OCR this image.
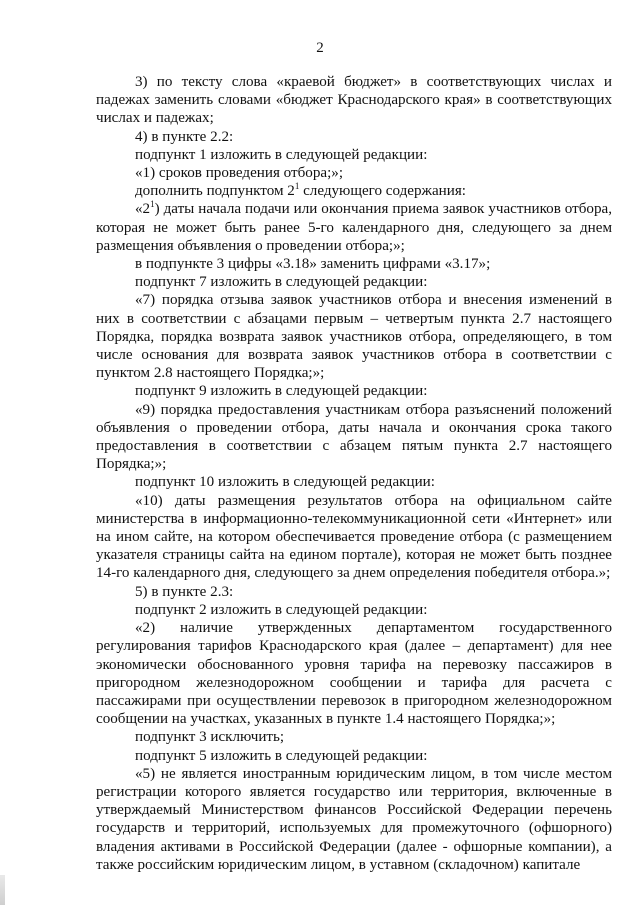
2

3) по тексту слова «краевой бюджет» в соответствующих числах и падежах заменить словами «бюджет Краснодарского края» в соответствующих числах и падежах;

4) в пункте 2.2:

подпункт 1 изложить в следующей редакции:

«1) сроков проведения отбора;»;

дополнить подпунктом $2^1$ следующего содержания:

«$2^1$) даты начала подачи или окончания приема заявок участников отбора, которая не может быть ранее 5-го календарного дня, следующего за днем размещения объявления о проведении отбора;»;

в подпункте 3 цифры «3.18» заменить цифрами «3.17»;

подпункт 7 изложить в следующей редакции:

«7) порядка отзыва заявок участников отбора и внесения изменений в них в соответствии с абзацами первым – четвертым пункта 2.7 настоящего Порядка, порядка возврата заявок участников отбора, определяющего, в том числе основания для возврата заявок участников отбора в соответствии с пунктом 2.8 настоящего Порядка;»;

подпункт 9 изложить в следующей редакции:

«9) порядка предоставления участникам отбора разъяснений положений объявления о проведении отбора, даты начала и окончания срока такого предоставления в соответствии с абзацем пятым пункта 2.7 настоящего Порядка;»;

подпункт 10 изложить в следующей редакции:

«10) даты размещения результатов отбора на официальном сайте министерства в информационно-телекоммуникационной сети «Интернет» или на ином сайте, на котором обеспечивается проведение отбора (с размещением указателя страницы сайта на едином портале), которая не может быть позднее 14-го календарного дня, следующего за днем определения победителя отбора.»;

5) в пункте 2.3:

подпункт 2 изложить в следующей редакции:

«2) наличие утвержденных департаментом государственного регулирования тарифов Краснодарского края (далее – департамент) для нее экономически обоснованного уровня тарифа на перевозку пассажиров в пригородном железнодорожном сообщении и тарифа для расчета с пассажирами при осуществлении перевозок в пригородном железнодорожном сообщении на участках, указанных в пункте 1.4 настоящего Порядка;»;

подпункт 3 исключить;

подпункт 5 изложить в следующей редакции:

«5) не является иностранным юридическим лицом, в том числе местом регистрации которого является государство или территория, включенные в утверждаемый Министерством финансов Российской Федерации перечень государств и территорий, используемых для промежуточного (офшорного) владения активами в Российской Федерации (далее - офшорные компании), а также российским юридическим лицом, в уставном (складочном) капитале
